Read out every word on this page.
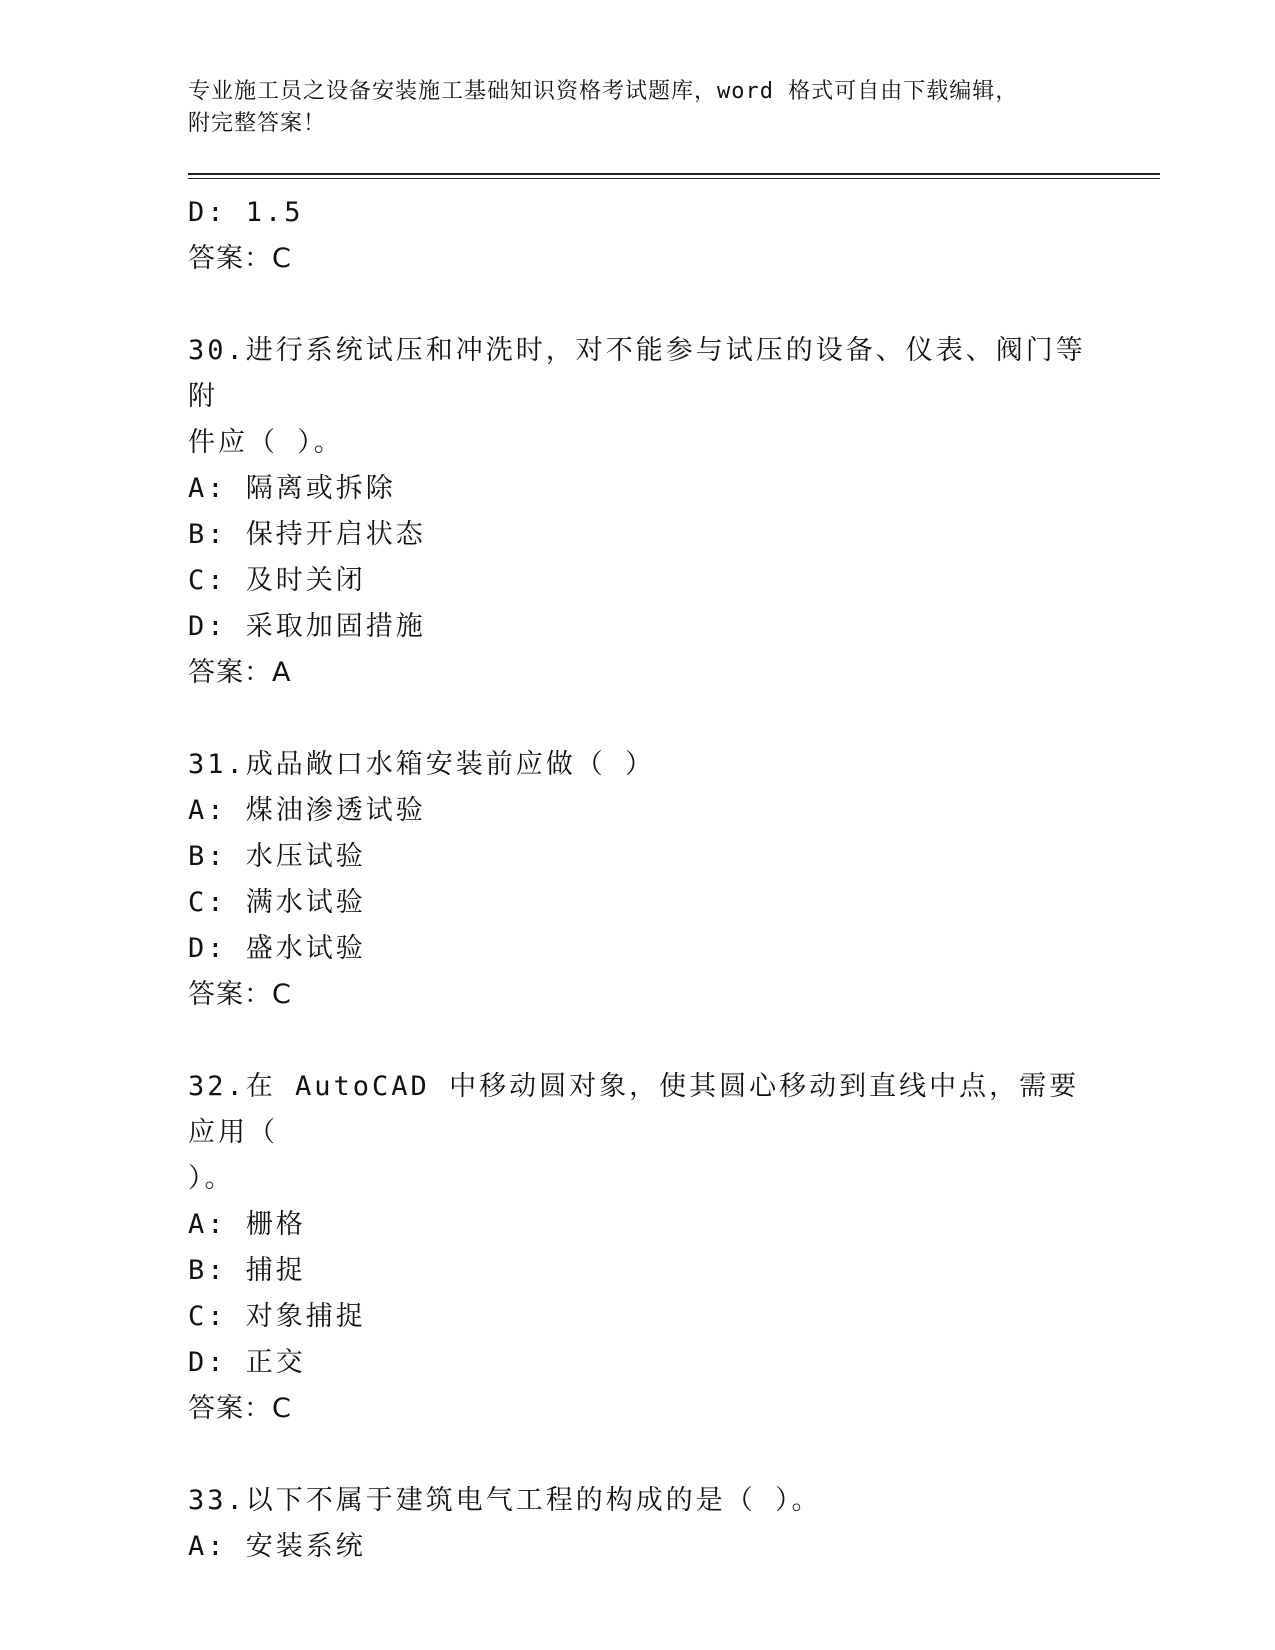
专业施工员之设备安装施工基础知识资格考试题库，word 格式可自由下载编辑，
附完整答案！
D: 1.5
答案：C
30.进行系统试压和冲洗时，对不能参与试压的设备、仪表、阀门等附
件应（ ）。
A: 隔离或拆除
B: 保持开启状态
C: 及时关闭
D: 采取加固措施
答案：A
31.成品敞口水箱安装前应做（ ）
A: 煤油渗透试验
B: 水压试验
C: 满水试验
D: 盛水试验
答案：C
32.在 AutoCAD 中移动圆对象，使其圆心移动到直线中点，需要应用（
）。
A: 栅格
B: 捕捉
C: 对象捕捉
D: 正交
答案：C
33.以下不属于建筑电气工程的构成的是（ ）。
A: 安装系统
